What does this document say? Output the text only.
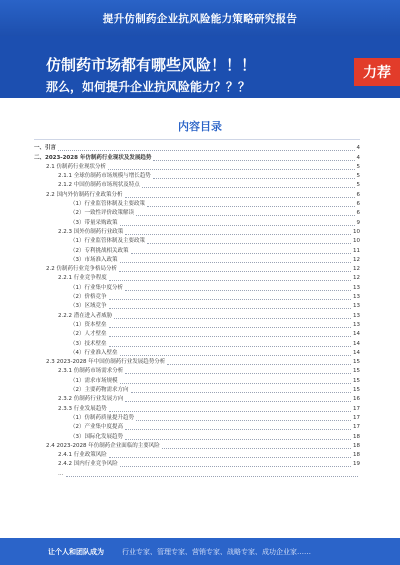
提升仿制药企业抗风险能力策略研究报告
仿制药市场都有哪些风险！！！
那么，如何提升企业抗风险能力？？？
力荐
内容目录
一、引言	4
二、2023-2028 年仿制药行业现状及发展趋势	4
2.1 仿制药行业现状分析	5
2.1.1 全球仿制药市场规模与增长趋势	5
2.1.2 中国仿制药市场现状及特点	5
2.2 国内外仿制药行业政策分析	6
（1）行业监管体制及主要政策	6
（2）一致性评价政策解读	6
（3）带量采购政策	9
2.2.3 国外仿制药行业政策	10
（1）行业监管体制及主要政策	10
（2）专利挑战相关政策	11
（3）市场准入政策	12
2.2 仿制药行业竞争格局分析	12
2.2.1 行业竞争程度	12
（1）行业集中度分析	13
（2）价格竞争	13
（3）区域竞争	13
2.2.2 潜在进入者威胁	13
（1）资本壁垒	13
（2）人才壁垒	14
（3）技术壁垒	14
（4）行业准入壁垒	14
2.3 2023-2028 年中国仿制药行业发展趋势分析	15
2.3.1 仿制药市场需求分析	15
（1）需求市场规模	15
（2）主要药物需求方向	15
2.3.2 仿制药行业发展方向	16
2.3.3 行业发展趋势	17
（1）仿制药质量提升趋势	17
（2）产业集中度提高	17
（3）国际化发展趋势	18
2.4 2023-2028 年仿制药企业面临的主要风险	18
2.4.1 行业政策风险	18
2.4.2 国内行业竞争风险	19
…
让个人和团队成为	行业专家、管理专家、营销专家、战略专家、成功企业家……
